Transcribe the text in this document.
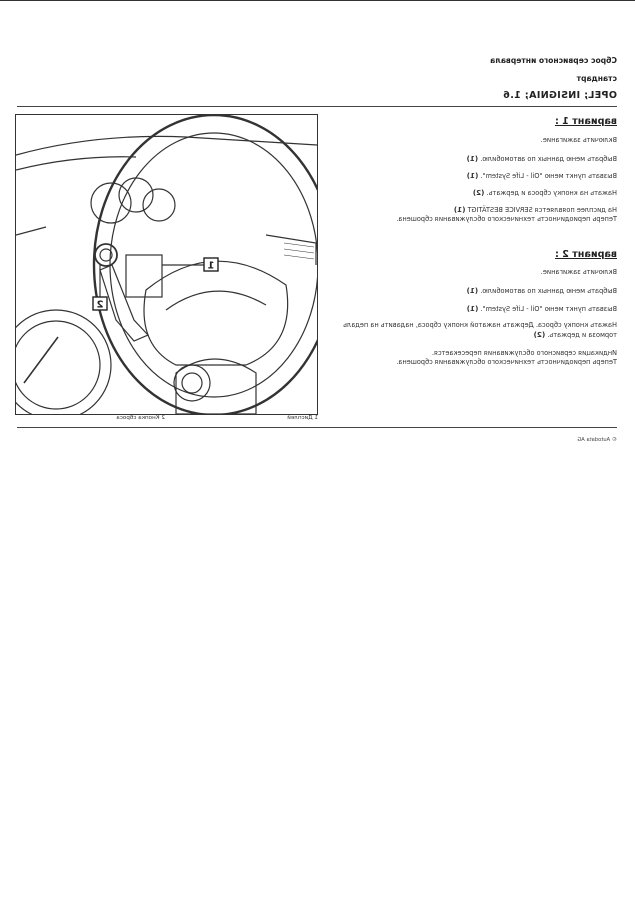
Сброс сервисного интервала
стандарт
OPEL; INSIGNIA; 1.6
вариант 1 :
Включить зажигание.
Выбрать меню данных по автомобилю. (1)
Вызвать пункт меню "Oil - Life System". (1)
Нажать на кнопку сброса и держать. (2)
На дисплее появляется SERVICE BESTÄTIGT (1)
Теперь периодичность технического обслуживания сброшена.
вариант 2 :
Включить зажигание.
Выбрать меню данных по автомобилю. (1)
Вызвать пункт меню "Oil - Life System". (1)
Нажать кнопку сброса. Держать нажатой кнопку сброса, надавить на педаль тормоза и держать. (2)
Индикация сервисного обслуживания пересекается.
Теперь периодичность технического обслуживания сброшена.
1
2
1 Дисплей
2 Кнопка сброса
© Autodata AG
